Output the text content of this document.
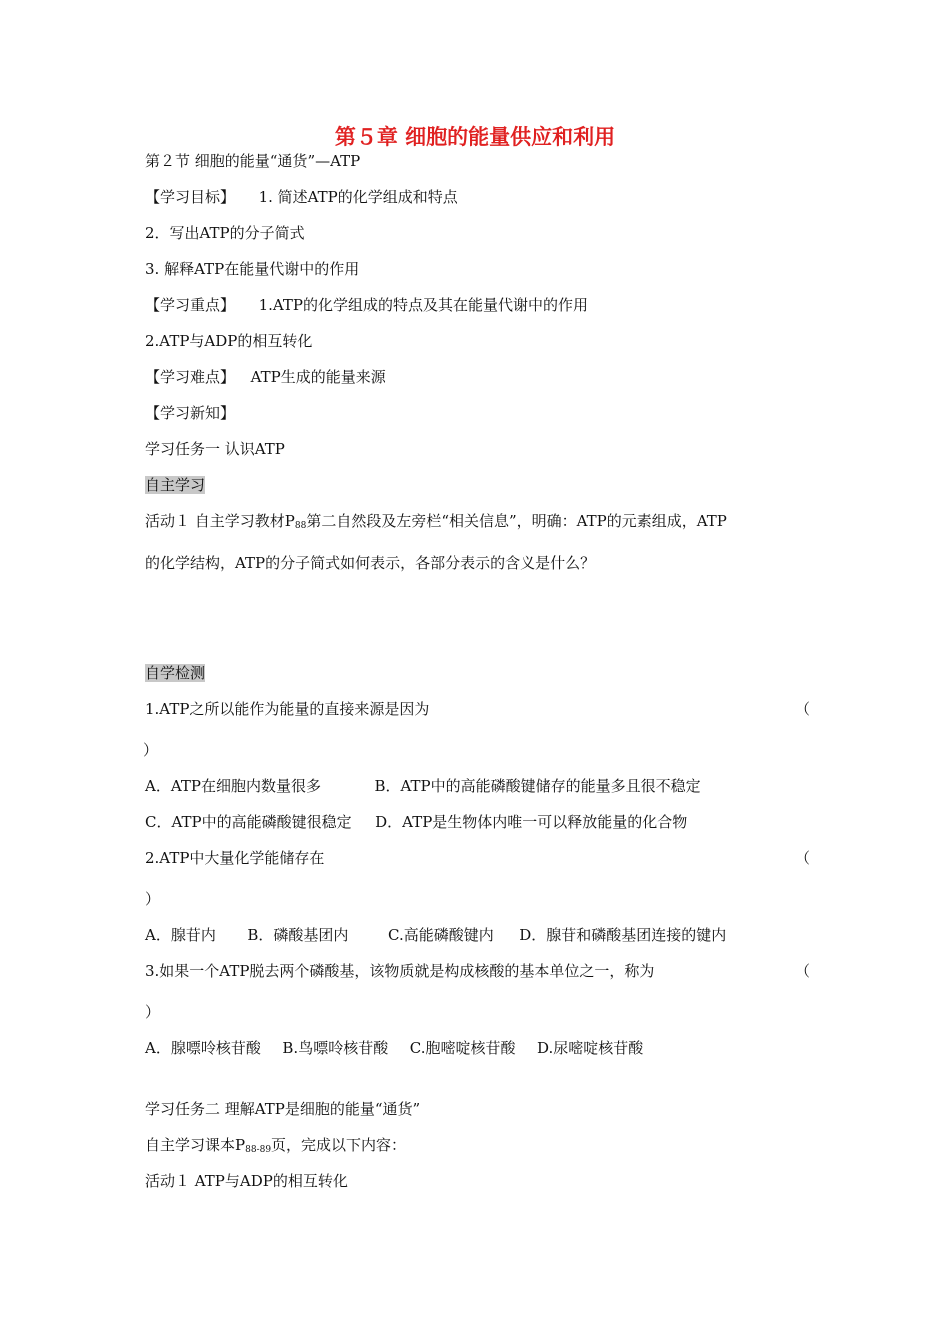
第５章 细胞的能量供应和利用
第２节 细胞的能量“通货”—ATP
【学习目标】 1. 简述ATP的化学组成和特点
2．写出ATP的分子简式
3. 解释ATP在能量代谢中的作用
【学习重点】 1.ATP的化学组成的特点及其在能量代谢中的作用
2.ATP与ADP的相互转化
【学习难点】 ATP生成的能量来源
【学习新知】
学习任务一 认识ATP
自主学习
活动１ 自主学习教材$P_{88}$第二自然段及左旁栏“相关信息”，明确：ATP的元素组成，ATP
的化学结构，ATP的分子简式如何表示，各部分表示的含义是什么？
自学检测
1.ATP之所以能作为能量的直接来源是因为	（
）
A．ATP在细胞内数量很多	B．ATP中的高能磷酸键储存的能量多且很不稳定
C．ATP中的高能磷酸键很稳定 D．ATP是生物体内唯一可以释放能量的化合物
2.ATP中大量化学能储存在	（
）
A．腺苷内 B．磷酸基团内	C.高能磷酸键内 D．腺苷和磷酸基团连接的键内
3.如果一个ATP脱去两个磷酸基，该物质就是构成核酸的基本单位之一，称为	（
）
A．腺嘌呤核苷酸 B.鸟嘌呤核苷酸 C.胞嘧啶核苷酸 D.尿嘧啶核苷酸
学习任务二 理解ATP是细胞的能量“通货”
自主学习课本$P_{88-89}$页，完成以下内容：
活动１ ATP与ADP的相互转化
